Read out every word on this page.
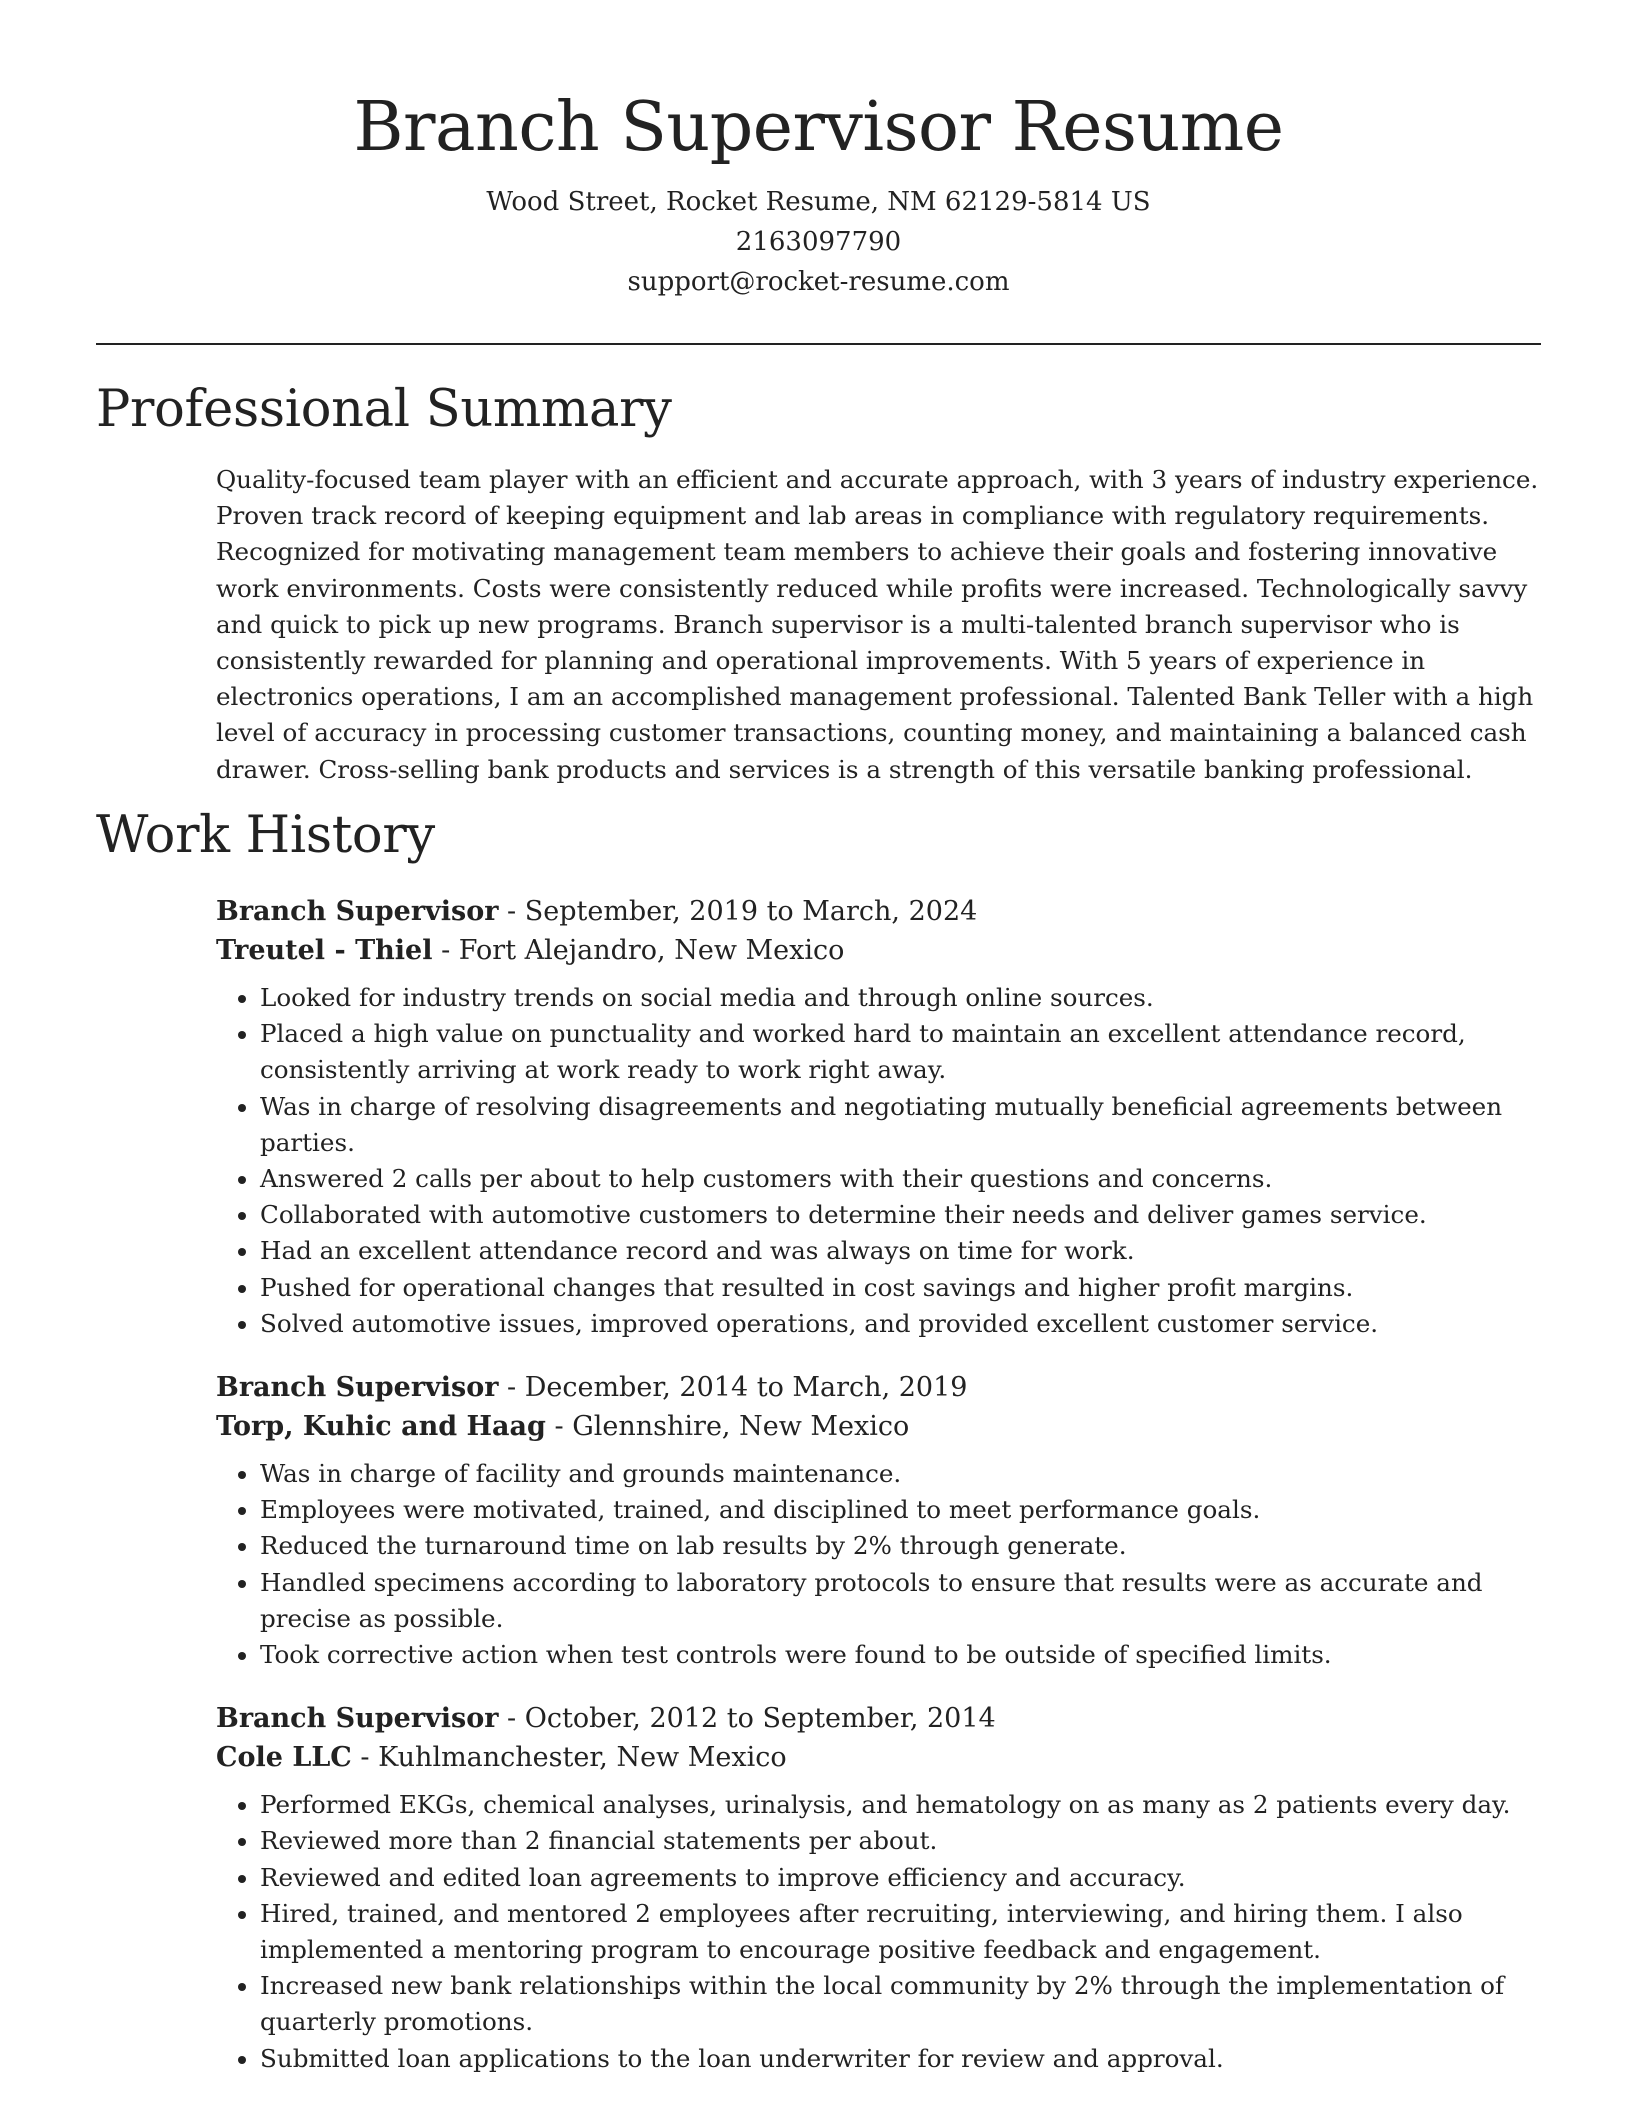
Branch Supervisor Resume
Wood Street, Rocket Resume, NM 62129-5814 US
2163097790
support@rocket-resume.com
Professional Summary

Quality-focused team player with an efficient and accurate approach, with 3 years of industry experience. Proven track record of keeping equipment and lab areas in compliance with regulatory requirements. Recognized for motivating management team members to achieve their goals and fostering innovative work environments. Costs were consistently reduced while profits were increased. Technologically savvy and quick to pick up new programs. Branch supervisor is a multi-talented branch supervisor who is consistently rewarded for planning and operational improvements. With 5 years of experience in electronics operations, I am an accomplished management professional. Talented Bank Teller with a high level of accuracy in processing customer transactions, counting money, and maintaining a balanced cash drawer. Cross-selling bank products and services is a strength of this versatile banking professional.

Work History
Branch Supervisor - September, 2019 to March, 2024
Treutel - Thiel - Fort Alejandro, New Mexico
• Looked for industry trends on social media and through online sources.
• Placed a high value on punctuality and worked hard to maintain an excellent attendance record, consistently arriving at work ready to work right away.
• Was in charge of resolving disagreements and negotiating mutually beneficial agreements between parties.
• Answered 2 calls per about to help customers with their questions and concerns.
• Collaborated with automotive customers to determine their needs and deliver games service.
• Had an excellent attendance record and was always on time for work.
• Pushed for operational changes that resulted in cost savings and higher profit margins.
• Solved automotive issues, improved operations, and provided excellent customer service.
Branch Supervisor - December, 2014 to March, 2019
Torp, Kuhic and Haag - Glennshire, New Mexico
• Was in charge of facility and grounds maintenance.
• Employees were motivated, trained, and disciplined to meet performance goals.
• Reduced the turnaround time on lab results by 2% through generate.
• Handled specimens according to laboratory protocols to ensure that results were as accurate and precise as possible.
• Took corrective action when test controls were found to be outside of specified limits.
Branch Supervisor - October, 2012 to September, 2014
Cole LLC - Kuhlmanchester, New Mexico
• Performed EKGs, chemical analyses, urinalysis, and hematology on as many as 2 patients every day.
• Reviewed more than 2 financial statements per about.
• Reviewed and edited loan agreements to improve efficiency and accuracy.
• Hired, trained, and mentored 2 employees after recruiting, interviewing, and hiring them. I also implemented a mentoring program to encourage positive feedback and engagement.
• Increased new bank relationships within the local community by 2% through the implementation of quarterly promotions.
• Submitted loan applications to the loan underwriter for review and approval.
